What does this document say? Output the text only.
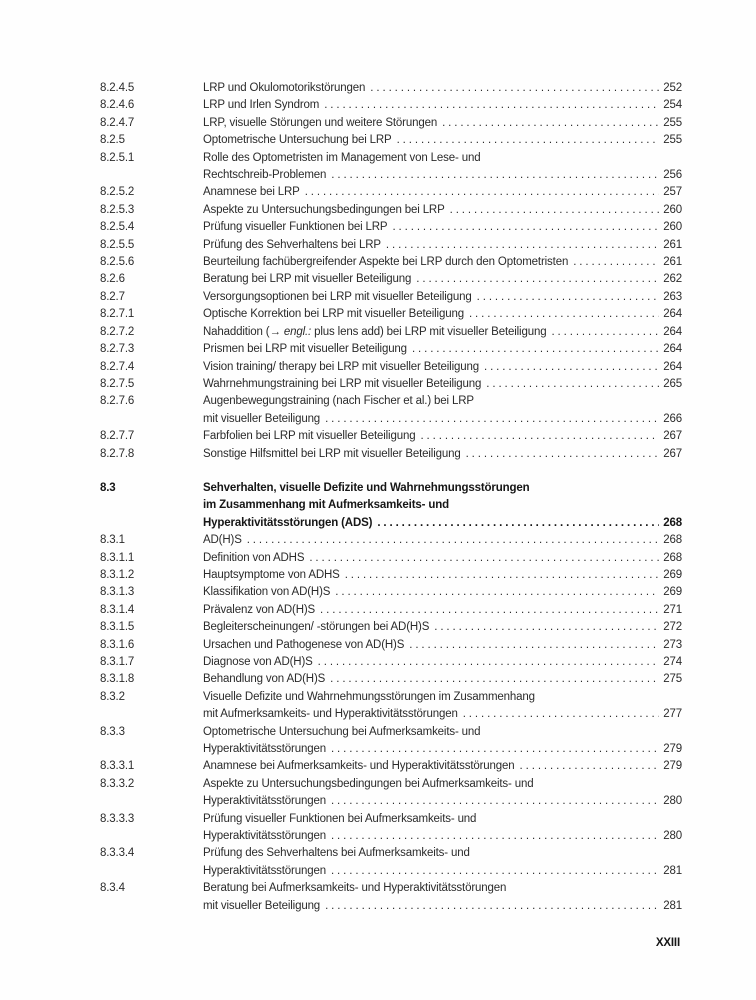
8.2.4.5	LRP und Okulomotorikstörungen . . .	252
8.2.4.6	LRP und Irlen Syndrom . . .	254
8.2.4.7	LRP, visuelle Störungen und weitere Störungen . . .	255
8.2.5	Optometrische Untersuchung bei LRP . . .	255
8.2.5.1	Rolle des Optometristen im Management von Lese- und
Rechtschreib-Problemen . . .	256
8.2.5.2	Anamnese bei LRP . . .	257
8.2.5.3	Aspekte zu Untersuchungsbedingungen bei LRP . . .	260
8.2.5.4	Prüfung visueller Funktionen bei LRP . . .	260
8.2.5.5	Prüfung des Sehverhaltens bei LRP . . .	261
8.2.5.6	Beurteilung fachübergreifender Aspekte bei LRP durch den Optometristen . . .	261
8.2.6	Beratung bei LRP mit visueller Beteiligung . . .	262
8.2.7	Versorgungsoptionen bei LRP mit visueller Beteiligung . . .	263
8.2.7.1	Optische Korrektion bei LRP mit visueller Beteiligung . . .	264
8.2.7.2	Nahaddition (→ engl.: plus lens add) bei LRP mit visueller Beteiligung . . .	264
8.2.7.3	Prismen bei LRP mit visueller Beteiligung . . .	264
8.2.7.4	Vision training/ therapy bei LRP mit visueller Beteiligung . . .	264
8.2.7.5	Wahrnehmungstraining bei LRP mit visueller Beteiligung . . .	265
8.2.7.6	Augenbewegungstraining (nach Fischer et al.) bei LRP
mit visueller Beteiligung . . .	266
8.2.7.7	Farbfolien bei LRP mit visueller Beteiligung . . .	267
8.2.7.8	Sonstige Hilfsmittel bei LRP mit visueller Beteiligung . . .	267
8.3	Sehverhalten, visuelle Defizite und Wahrnehmungsstörungen
im Zusammenhang mit Aufmerksamkeits- und
Hyperaktivitätsstörungen (ADS) . . .	268
8.3.1	AD(H)S . . .	268
8.3.1.1	Definition von ADHS . . .	268
8.3.1.2	Hauptsymptome von ADHS . . .	269
8.3.1.3	Klassifikation von AD(H)S . . .	269
8.3.1.4	Prävalenz von AD(H)S . . .	271
8.3.1.5	Begleiterscheinungen/ -störungen bei AD(H)S . . .	272
8.3.1.6	Ursachen und Pathogenese von AD(H)S . . .	273
8.3.1.7	Diagnose von AD(H)S . . .	274
8.3.1.8	Behandlung von AD(H)S . . .	275
8.3.2	Visuelle Defizite und Wahrnehmungsstörungen im Zusammenhang
mit Aufmerksamkeits- und Hyperaktivitätsstörungen . . .	277
8.3.3	Optometrische Untersuchung bei Aufmerksamkeits- und
Hyperaktivitätsstörungen . . .	279
8.3.3.1	Anamnese bei Aufmerksamkeits- und Hyperaktivitätsstörungen . . .	279
8.3.3.2	Aspekte zu Untersuchungsbedingungen bei Aufmerksamkeits- und
Hyperaktivitätsstörungen . . .	280
8.3.3.3	Prüfung visueller Funktionen bei Aufmerksamkeits- und
Hyperaktivitätsstörungen . . .	280
8.3.3.4	Prüfung des Sehverhaltens bei Aufmerksamkeits- und
Hyperaktivitätsstörungen . . .	281
8.3.4	Beratung bei Aufmerksamkeits- und Hyperaktivitätsstörungen
mit visueller Beteiligung . . .	281
XXIII
